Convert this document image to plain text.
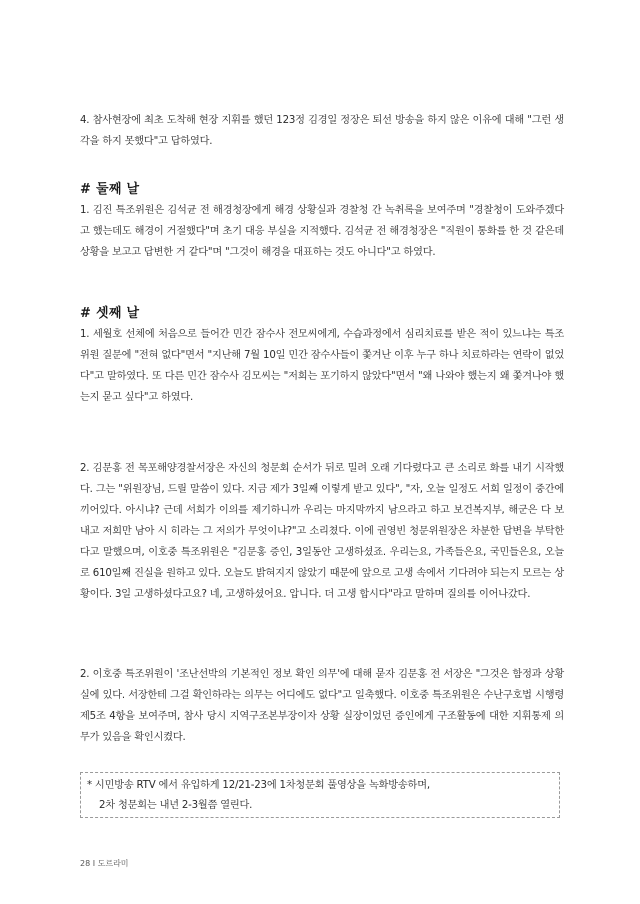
4. 참사현장에 최초 도착해 현장 지휘를 했던 123정 김경일 정장은 퇴선 방송을 하지 않은 이유에 대해 "그런 생각을 하지 못했다"고 답하였다.

# 둘째 날

1. 김진 특조위원은 김석균 전 해경청장에게 해경 상황실과 경찰청 간 녹취록을 보여주며 "경찰청이 도와주겠다고 했는데도 해경이 거절했다"며 초기 대응 부실을 지적했다. 김석균 전 해경청장은 "직원이 통화를 한 것 같은데 상황을 보고고 답변한 거 같다"며 "그것이 해경을 대표하는 것도 아니다"고 하였다.

# 셋째 날

1. 세월호 선체에 처음으로 들어간 민간 잠수사 전모씨에게, 수습과정에서 심리치료를 받은 적이 있느냐는 특조위원 질문에 "전혀 없다"면서 "지난해 7월 10일 민간 잠수사들이 쫓겨난 이후 누구 하나 치료하라는 연락이 없었다"고 말하였다. 또 다른 민간 잠수사 김모씨는 "저희는 포기하지 않았다"면서 "왜 나와야 했는지 왜 쫓겨나야 했는지 묻고 싶다"고 하였다.

2. 김문홍 전 목포해양경찰서장은 자신의 청문회 순서가 뒤로 밀려 오래 기다렸다고 큰 소리로 화를 내기 시작했다. 그는 "위원장님, 드릴 말씀이 있다. 지금 제가 3일째 이렇게 받고 있다", "자, 오늘 일정도 서희 일정이 중간에 끼어있다. 아시냐? 근데 서희가 이의를 제기하니까 우리는 마지막까지 남으라고 하고 보건복지부, 해군은 다 보내고 저희만 남아 시 히라는 그 저의가 무엇이냐?"고 소리쳤다. 이에 권영빈 청문위원장은 차분한 답변을 부탁한다고 말했으며, 이호중 특조위원은 "김문홍 증인, 3일동안 고생하셨죠. 우리는요, 가족들은요, 국민들은요, 오늘로 610일째 진실을 원하고 있다. 오늘도 밝혀지지 않았기 때문에 앞으로 고생 속에서 기다려야 되는지 모르는 상황이다. 3일 고생하셨다고요? 네, 고생하셨어요. 압니다. 더 고생 합시다"라고 말하며 질의를 이어나갔다.

2. 이호중 특조위원이 '조난선박의 기본적인 정보 확인 의무'에 대해 묻자 김문홍 전 서장은 "그것은 함정과 상황실에 있다. 서장한테 그걸 확인하라는 의무는 어디에도 없다"고 일축했다. 이호중 특조위원은 수난구호법 시행령 제5조 4항을 보여주며, 참사 당시 지역구조본부장이자 상황 실장이었던 증인에게 구조활동에 대한 지휘통제 의무가 있음을 확인시켰다.

* 시민방송 RTV 에서 유입하게 12/21-23에 1차청문회 풀영상을 녹화방송하며,
2차 청문회는 내년 2-3월쯤 열린다.
28 I 도르라미
